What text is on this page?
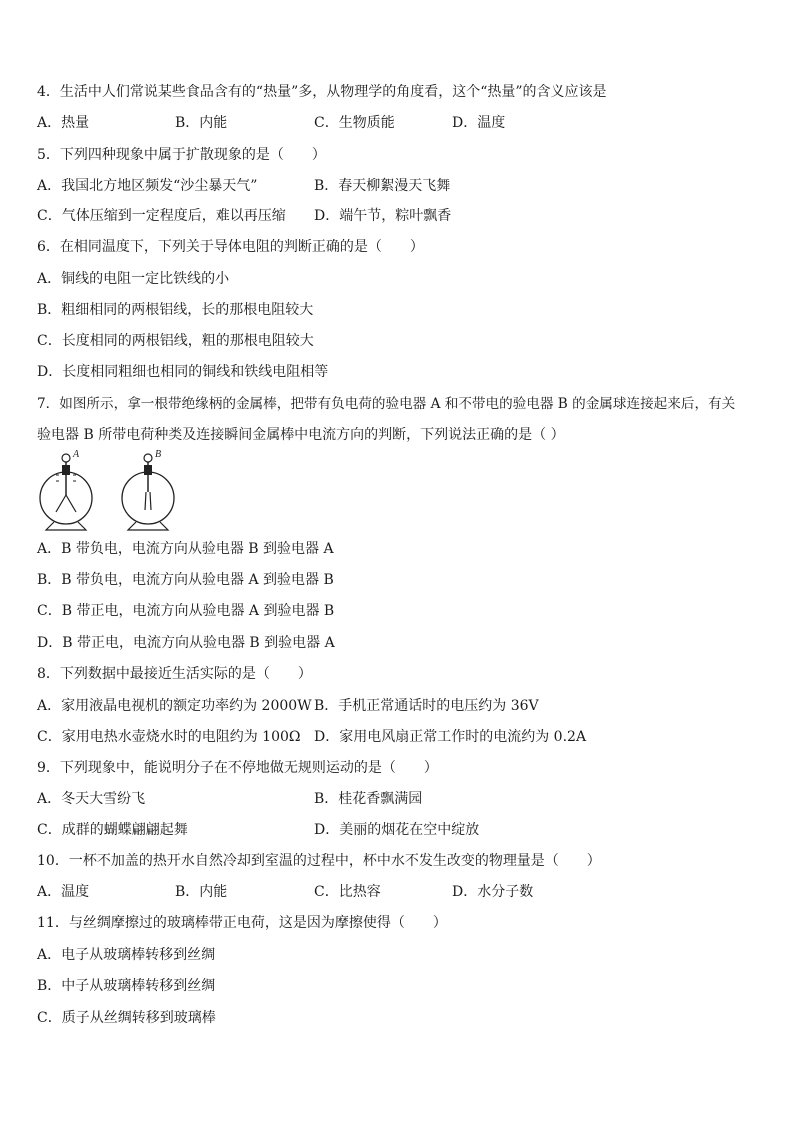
4．生活中人们常说某些食品含有的“热量”多，从物理学的角度看，这个“热量”的含义应该是
A．热量	B．内能	C．生物质能	D．温度
5．下列四种现象中属于扩散现象的是（　　）
A．我国北方地区频发“沙尘暴天气”	B．春天柳絮漫天飞舞
C．气体压缩到一定程度后，难以再压缩 D．端午节，粽叶飘香
6．在相同温度下，下列关于导体电阻的判断正确的是（　　）
A．铜线的电阻一定比铁线的小
B．粗细相同的两根铝线，长的那根电阻较大
C．长度相同的两根铝线，粗的那根电阻较大
D．长度相同粗细也相同的铜线和铁线电阻相等
7．如图所示，拿一根带绝缘柄的金属棒，把带有负电荷的验电器 A 和不带电的验电器 B 的金属球连接起来后，有关
验电器 B 所带电荷种类及连接瞬间金属棒中电流方向的判断，下列说法正确的是（ ）
A	B
A．B 带负电，电流方向从验电器 B 到验电器 A
B．B 带负电，电流方向从验电器 A 到验电器 B
C．B 带正电，电流方向从验电器 A 到验电器 B
D．B 带正电，电流方向从验电器 B 到验电器 A
8．下列数据中最接近生活实际的是（　　）
A．家用液晶电视机的额定功率约为 2000W B．手机正常通话时的电压约为 36V
C．家用电热水壶烧水时的电阻约为 100Ω D．家用电风扇正常工作时的电流约为 0.2A
9．下列现象中，能说明分子在不停地做无规则运动的是（　　）
A．冬天大雪纷飞	B．桂花香飘满园
C．成群的蝴蝶翩翩起舞	D．美丽的烟花在空中绽放
10．一杯不加盖的热开水自然冷却到室温的过程中，杯中水不发生改变的物理量是（　　）
A．温度	B．内能	C．比热容	D．水分子数
11．与丝绸摩擦过的玻璃棒带正电荷，这是因为摩擦使得（　　）
A．电子从玻璃棒转移到丝绸
B．中子从玻璃棒转移到丝绸
C．质子从丝绸转移到玻璃棒
